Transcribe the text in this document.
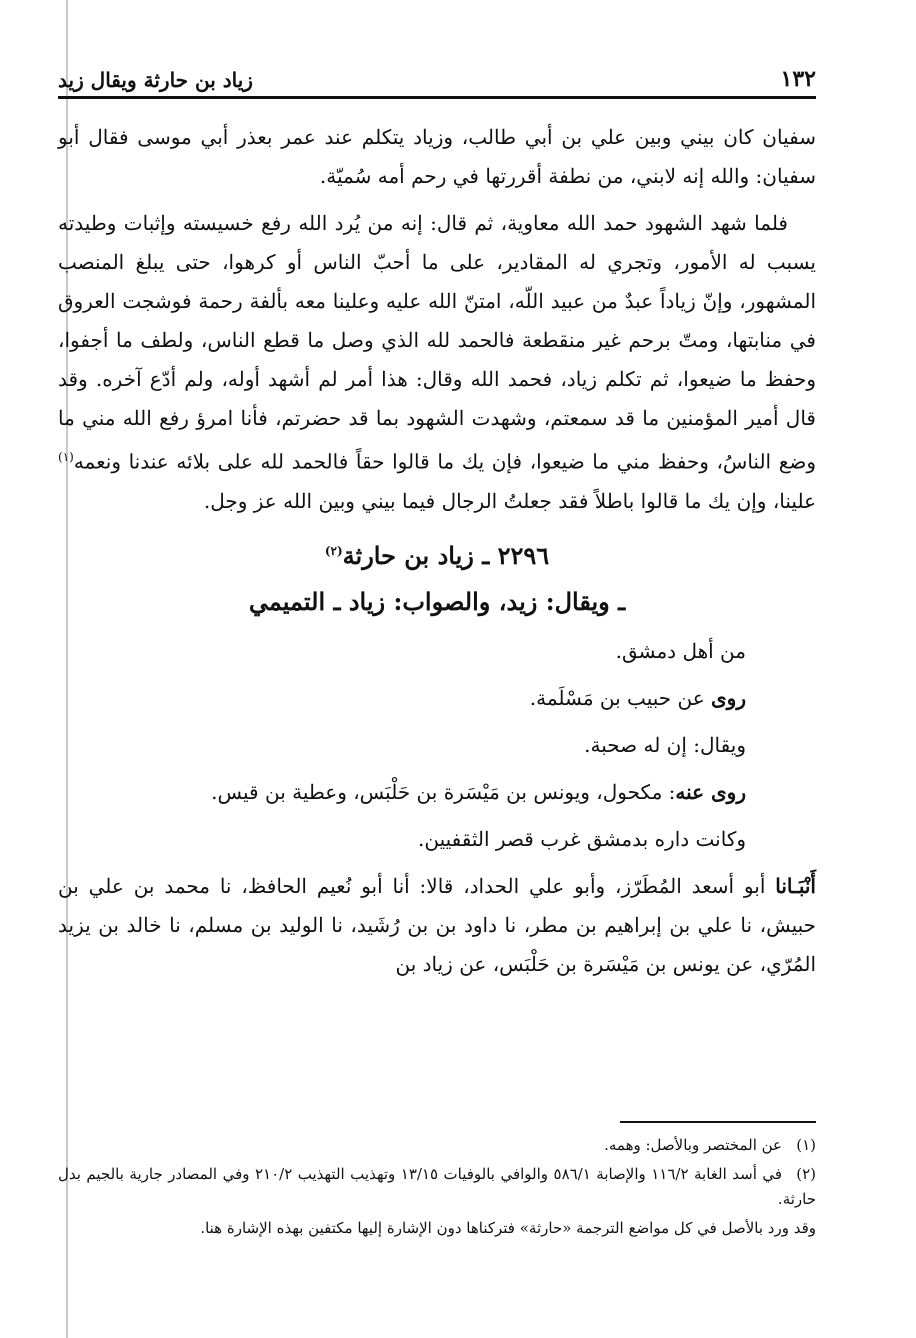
١٣٢
زياد بن حارثة ويقال زيد

سفيان كان بيني وبين علي بن أبي طالب، وزياد يتكلم عند عمر بعذر أبي موسى فقال أبو سفيان: والله إنه لابني، من نطفة أقررتها في رحم أمه سُميّة.

فلما شهد الشهود حمد الله معاوية، ثم قال: إنه من يُرد الله رفع خسيسته وإثبات وطيدته يسبب له الأمور، وتجري له المقادير، على ما أحبّ الناس أو كرهوا، حتى يبلغ المنصب المشهور، وإنّ زياداً عبدٌ من عبيد اللّه، امتنّ الله عليه وعلينا معه بألفة رحمة فوشجت العروق في منابتها، ومتّ برحم غير منقطعة فالحمد لله الذي وصل ما قطع الناس، ولطف ما أجفوا، وحفظ ما ضيعوا، ثم تكلم زياد، فحمد الله وقال: هذا أمر لم أشهد أوله، ولم أدّع آخره. وقد قال أمير المؤمنين ما قد سمعتم، وشهدت الشهود بما قد حضرتم، فأنا امرؤ رفع الله مني ما وضع الناسُ، وحفظ مني ما ضيعوا، فإن يك ما قالوا حقاً فالحمد لله على بلائه عندنا ونعمه$^{(١)}$ علينا، وإن يك ما قالوا باطلاً فقد جعلتُ الرجال فيما بيني وبين الله عز وجل.

٢٢٩٦ ـ زياد بن حارثة$^{(٢)}$
ـ ويقال: زيد، والصواب: زياد ـ التميمي

من أهل دمشق.

روى عن حبيب بن مَسْلَمة.

ويقال: إن له صحبة.

روى عنه: مكحول، ويونس بن مَيْسَرة بن حَلْبَس، وعطية بن قيس.

وكانت داره بدمشق غرب قصر الثقفيين.

أَنْبَـانا أبو أسعد المُطَرّز، وأبو علي الحداد، قالا: أنا أبو نُعيم الحافظ، نا محمد بن علي بن حبيش، نا علي بن إبراهيم بن مطر، نا داود بن بن رُشَيد، نا الوليد بن مسلم، نا خالد بن يزيد المُرّي، عن يونس بن مَيْسَرة بن حَلْبَس، عن زياد بن

(١)عن المختصر وبالأصل: وهمه.

(٢)في أسد الغابة ١١٦/٢ والإصابة ٥٨٦/١ والوافي بالوفيات ١٣/١٥ وتهذيب التهذيب ٢١٠/٢ وفي المصادر جارية بالجيم بدل حارثة.

وقد ورد بالأصل في كل مواضع الترجمة «حارثة» فتركناها دون الإشارة إليها مكتفين بهذه الإشارة هنا.
